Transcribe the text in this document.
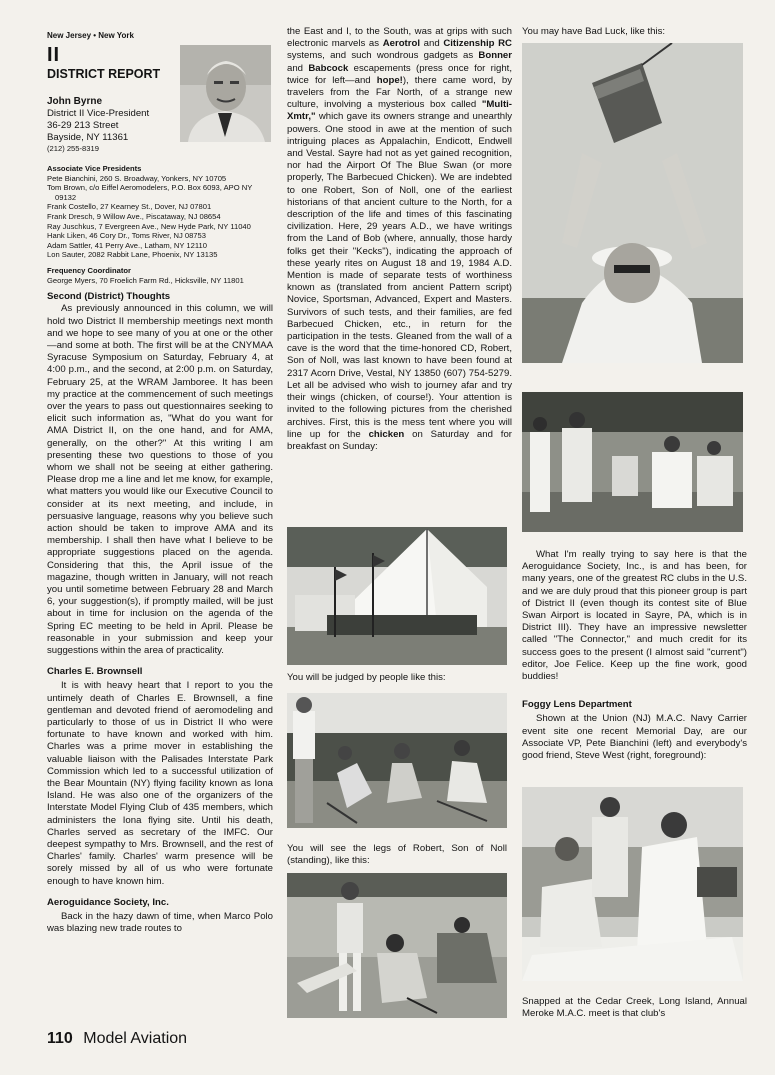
New Jersey • New York
II
DISTRICT REPORT
John Byrne
District II Vice-President
36-29 213 Street
Bayside, NY 11361
(212) 255-8319
Associate Vice Presidents
Pete Bianchini, 260 S. Broadway, Yonkers, NY 10705
Tom Brown, c/o Eiffel Aeromodelers, P.O. Box 6093, APO NY
09132
Frank Costello, 27 Kearney St., Dover, NJ 07801
Frank Dresch, 9 Willow Ave., Piscataway, NJ 08654
Ray Juschkus, 7 Evergreen Ave., New Hyde Park, NY 11040
Hank Liken, 46 Cory Dr., Toms River, NJ 08753
Adam Sattler, 41 Perry Ave., Latham, NY 12110
Lon Sauter, 2082 Rabbit Lane, Phoenix, NY 13135
Frequency Coordinator
George Myers, 70 Froelich Farm Rd., Hicksville, NY 11801
Second (District) Thoughts

As previously announced in this column, we will hold two District II membership meetings next month and we hope to see many of you at one or the other—and some at both. The first will be at the CNYMAA Syracuse Symposium on Saturday, February 4, at 4:00 p.m., and the second, at 2:00 p.m. on Saturday, February 25, at the WRAM Jamboree. It has been my practice at the commencement of such meetings over the years to pass out questionnaires seeking to elicit such information as, "What do you want for AMA District II, on the one hand, and for AMA, generally, on the other?" At this writing I am presenting these two questions to those of you whom we shall not be seeing at either gathering. Please drop me a line and let me know, for example, what matters you would like our Executive Council to consider at its next meeting, and include, in persuasive language, reasons why you believe such action should be taken to improve AMA and its membership. I shall then have what I believe to be appropriate suggestions placed on the agenda. Considering that this, the April issue of the magazine, though written in January, will not reach you until sometime between February 28 and March 6, your suggestion(s), if promptly mailed, will be just about in time for inclusion on the agenda of the Spring EC meeting to be held in April. Please be reasonable in your submission and keep your suggestions within the area of practicality.

Charles E. Brownsell

It is with heavy heart that I report to you the untimely death of Charles E. Brownsell, a fine gentleman and devoted friend of aeromodeling and particularly to those of us in District II who were fortunate to have known and worked with him. Charles was a prime mover in establishing the valuable liaison with the Palisades Interstate Park Commission which led to a successful utilization of the Bear Mountain (NY) flying facility known as Iona Island. He was also one of the organizers of the Interstate Model Flying Club of 435 members, which administers the Iona flying site. Until his death, Charles served as secretary of the IMFC. Our deepest sympathy to Mrs. Brownsell, and the rest of Charles' family. Charles' warm presence will be sorely missed by all of us who were fortunate enough to have known him.

Aeroguidance Society, Inc.

Back in the hazy dawn of time, when Marco Polo was blazing new trade routes to

the East and I, to the South, was at grips with such electronic marvels as Aerotrol and Citizenship RC systems, and such wondrous gadgets as Bonner and Babcock escapements (press once for right, twice for left—and hope!), there came word, by travelers from the Far North, of a strange new culture, involving a mysterious box called "Multi-Xmtr," which gave its owners strange and unearthly powers. One stood in awe at the mention of such intriguing places as Appalachin, Endicott, Endwell and Vestal. Sayre had not as yet gained recognition, nor had the Airport Of The Blue Swan (or more properly, The Barbecued Chicken). We are indebted to one Robert, Son of Noll, one of the earliest historians of that ancient culture to the North, for a description of the life and times of this fascinating civilization. Here, 29 years A.D., we have writings from the Land of Bob (where, annually, those hardy folks get their "Kecks"), indicating the approach of these yearly rites on August 18 and 19, 1984 A.D. Mention is made of separate tests of worthiness known as (translated from ancient Pattern script) Novice, Sportsman, Advanced, Expert and Masters. Survivors of such tests, and their families, are fed Barbecued Chicken, etc., in return for the participation in the tests. Gleaned from the wall of a cave is the word that the time-honored CD, Robert, Son of Noll, was last known to have been found at 2317 Acorn Drive, Vestal, NY 13850 (607) 754-5279. Let all be advised who wish to journey afar and try their wings (chicken, of course!). Your attention is invited to the following pictures from the cherished archives. First, this is the mess tent where you will line up for the chicken on Saturday and for breakfast on Sunday:

You will be judged by people like this:
You will see the legs of Robert, Son of Noll (standing), like this:
You may have Bad Luck, like this:

What I'm really trying to say here is that the Aeroguidance Society, Inc., is and has been, for many years, one of the greatest RC clubs in the U.S. and we are duly proud that this pioneer group is part of District II (even though its contest site of Blue Swan Airport is located in Sayre, PA, which is in District III). They have an impressive newsletter called "The Connector," and much credit for its success goes to the present (I almost said "current") editor, Joe Felice. Keep up the fine work, good buddies!

Foggy Lens Department

Shown at the Union (NJ) M.A.C. Navy Carrier event site one recent Memorial Day, are our Associate VP, Pete Bianchini (left) and everybody's good friend, Steve West (right, foreground):

Snapped at the Cedar Creek, Long Island, Annual Meroke M.A.C. meet is that club's
110 Model Aviation
